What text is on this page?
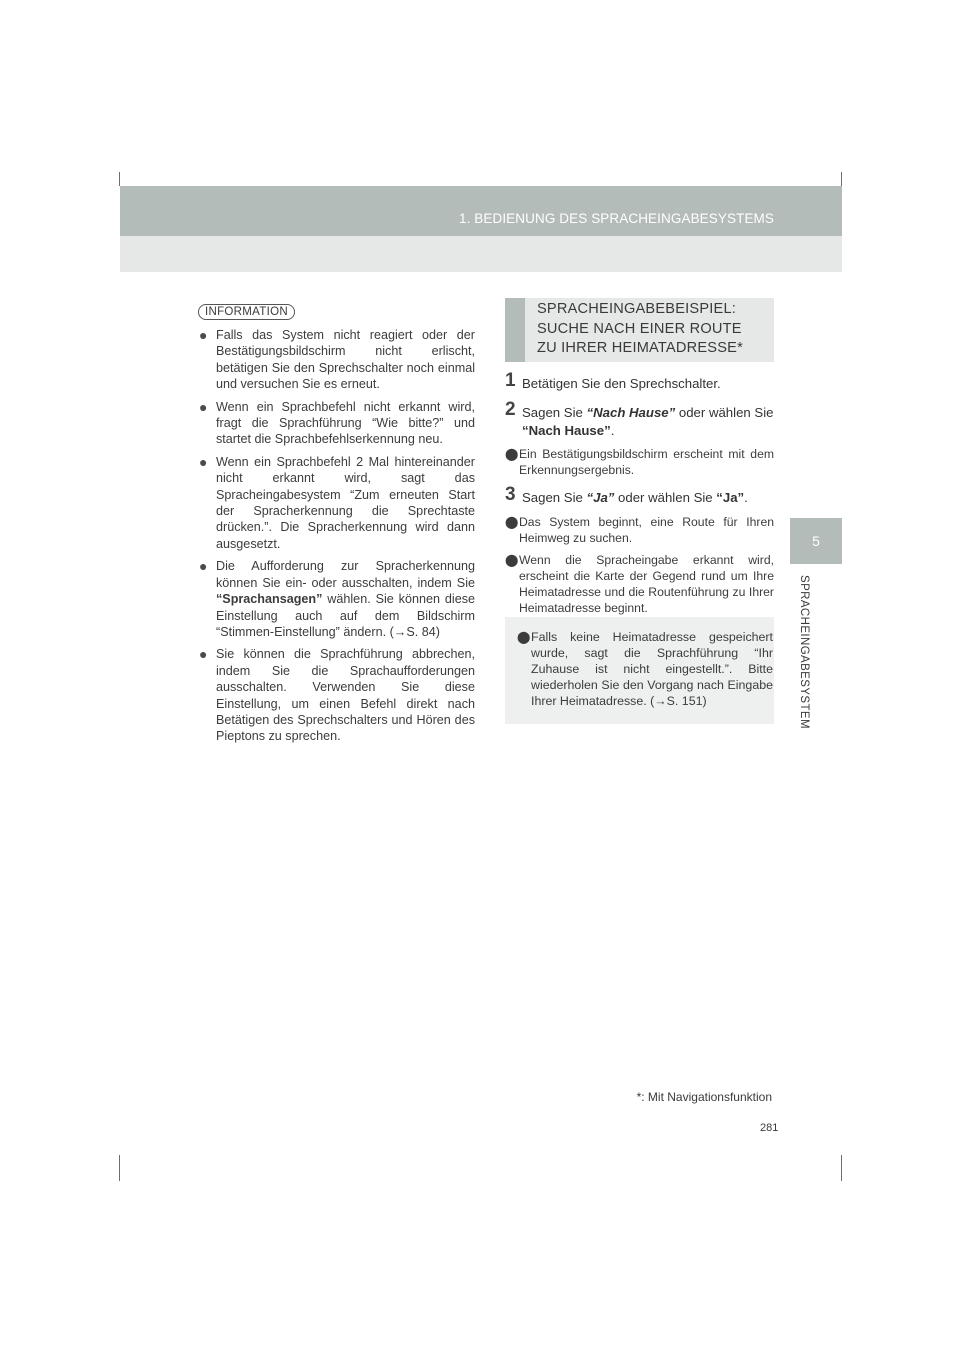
1. BEDIENUNG DES SPRACHEINGABESYSTEMS
5
SPRACHEINGABESYSTEM
INFORMATION
● Falls das System nicht reagiert oder der Bestätigungsbildschirm nicht erlischt, betätigen Sie den Sprechschalter noch einmal und versuchen Sie es erneut.
● Wenn ein Sprachbefehl nicht erkannt wird, fragt die Sprachführung “Wie bitte?” und startet die Sprachbefehlserkennung neu.
● Wenn ein Sprachbefehl 2 Mal hintereinander nicht erkannt wird, sagt das Spracheingabesystem “Zum erneuten Start der Spracherkennung die Sprechtaste drücken.”. Die Spracherkennung wird dann ausgesetzt.
● Die Aufforderung zur Spracherkennung können Sie ein- oder ausschalten, indem Sie “Sprachansagen” wählen. Sie können diese Einstellung auch auf dem Bildschirm “Stimmen-Einstellung” ändern. (→S. 84)
● Sie können die Sprachführung abbrechen, indem Sie die Sprachaufforderungen ausschalten. Verwenden Sie diese Einstellung, um einen Befehl direkt nach Betätigen des Sprechschalters und Hören des Pieptons zu sprechen.
SPRACHEINGABEBEISPIEL:
SUCHE NACH EINER ROUTE
ZU IHRER HEIMATADRESSE*
1 Betätigen Sie den Sprechschalter.
2 Sagen Sie “Nach Hause” oder wählen Sie “Nach Hause”.
⬤ Ein Bestätigungsbildschirm erscheint mit dem Erkennungsergebnis.
3 Sagen Sie “Ja” oder wählen Sie “Ja”.
⬤ Das System beginnt, eine Route für Ihren Heimweg zu suchen.
⬤ Wenn die Spracheingabe erkannt wird, erscheint die Karte der Gegend rund um Ihre Heimatadresse und die Routenführung zu Ihrer Heimatadresse beginnt.
⬤ Falls keine Heimatadresse gespeichert wurde, sagt die Sprachführung “Ihr Zuhause ist nicht eingestellt.”. Bitte wiederholen Sie den Vorgang nach Eingabe Ihrer Heimatadresse. (→S. 151)
*: Mit Navigationsfunktion
281
